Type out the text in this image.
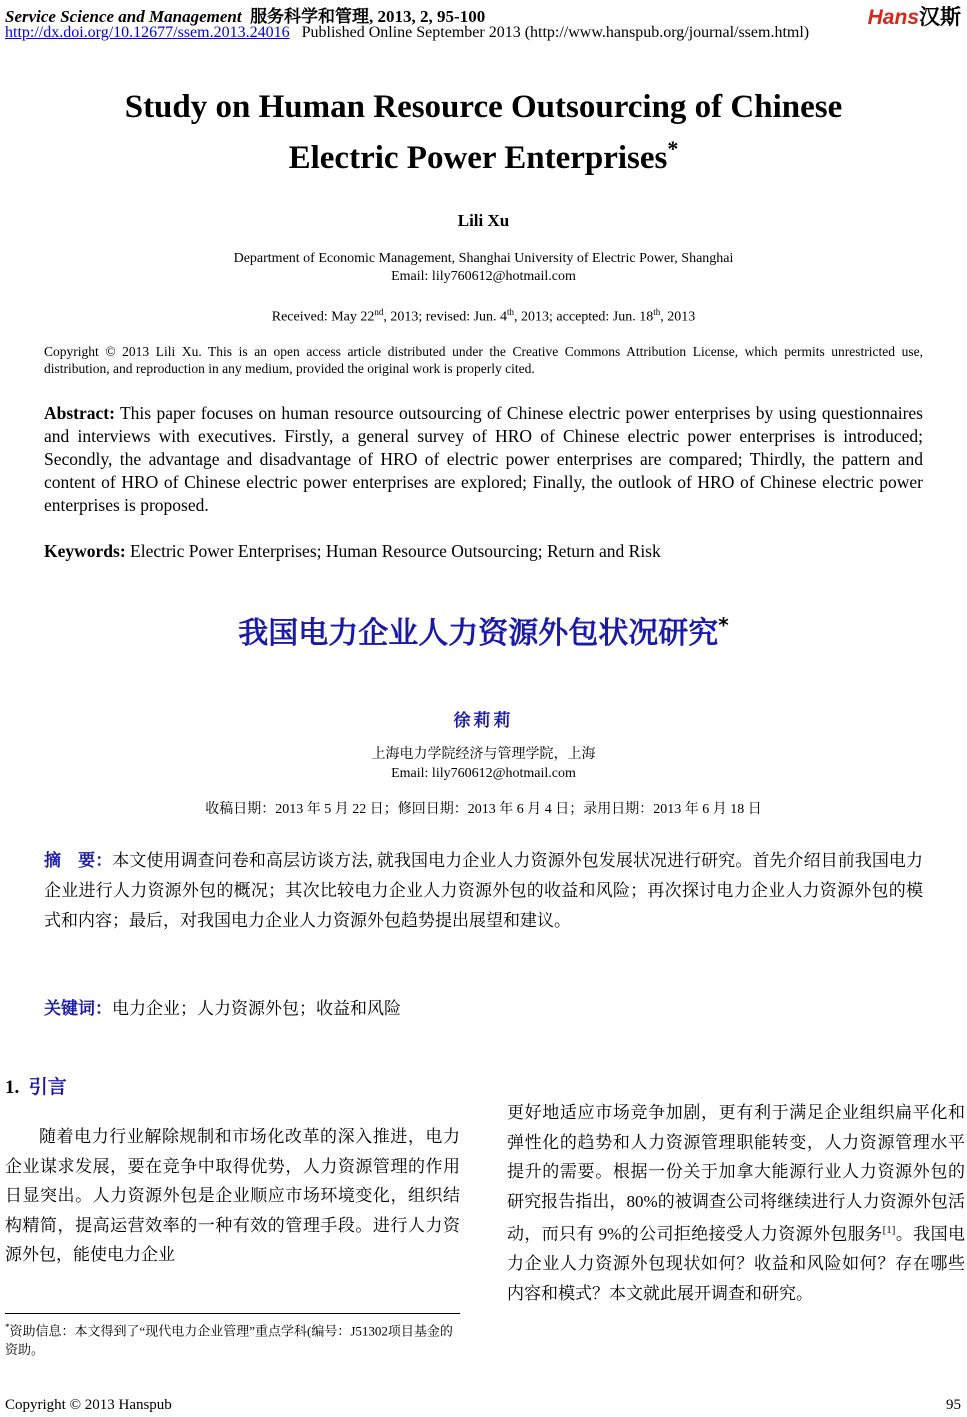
Service Science and Management 服务科学和管理, 2013, 2, 95-100
http://dx.doi.org/10.12677/ssem.2013.24016 Published Online September 2013 (http://www.hanspub.org/journal/ssem.html)
Hans汉斯
Study on Human Resource Outsourcing of Chinese
Electric Power Enterprises*
Lili Xu
Department of Economic Management, Shanghai University of Electric Power, Shanghai
Email: lily760612@hotmail.com
Received: May 22nd, 2013; revised: Jun. 4th, 2013; accepted: Jun. 18th, 2013
Copyright © 2013 Lili Xu. This is an open access article distributed under the Creative Commons Attribution License, which permits unrestricted use, distribution, and reproduction in any medium, provided the original work is properly cited.
Abstract: This paper focuses on human resource outsourcing of Chinese electric power enterprises by using questionnaires and interviews with executives. Firstly, a general survey of HRO of Chinese electric power enterprises is introduced; Secondly, the advantage and disadvantage of HRO of electric power enterprises are compared; Thirdly, the pattern and content of HRO of Chinese electric power enterprises are explored; Finally, the outlook of HRO of Chinese electric power enterprises is proposed.
Keywords: Electric Power Enterprises; Human Resource Outsourcing; Return and Risk
我国电力企业人力资源外包状况研究*
徐莉莉
上海电力学院经济与管理学院，上海
Email: lily760612@hotmail.com
收稿日期：2013 年 5 月 22 日；修回日期：2013 年 6 月 4 日；录用日期：2013 年 6 月 18 日
摘　要：本文使用调查问卷和高层访谈方法, 就我国电力企业人力资源外包发展状况进行研究。首先介绍目前我国电力企业进行人力资源外包的概况；其次比较电力企业人力资源外包的收益和风险；再次探讨电力企业人力资源外包的模式和内容；最后，对我国电力企业人力资源外包趋势提出展望和建议。
关键词：电力企业；人力资源外包；收益和风险
1. 引言
随着电力行业解除规制和市场化改革的深入推进，电力企业谋求发展，要在竞争中取得优势，人力资源管理的作用日显突出。人力资源外包是企业顺应市场环境变化，组织结构精简，提高运营效率的一种有效的管理手段。进行人力资源外包，能使电力企业
更好地适应市场竞争加剧，更有利于满足企业组织扁平化和弹性化的趋势和人力资源管理职能转变，人力资源管理水平提升的需要。根据一份关于加拿大能源行业人力资源外包的研究报告指出，80%的被调查公司将继续进行人力资源外包活动，而只有 9%的公司拒绝接受人力资源外包服务[1]。我国电力企业人力资源外包现状如何？收益和风险如何？存在哪些内容和模式？本文就此展开调查和研究。
*资助信息：本文得到了“现代电力企业管理”重点学科(编号：J51302项目基金的资助。
Copyright © 2013 Hanspub	95
